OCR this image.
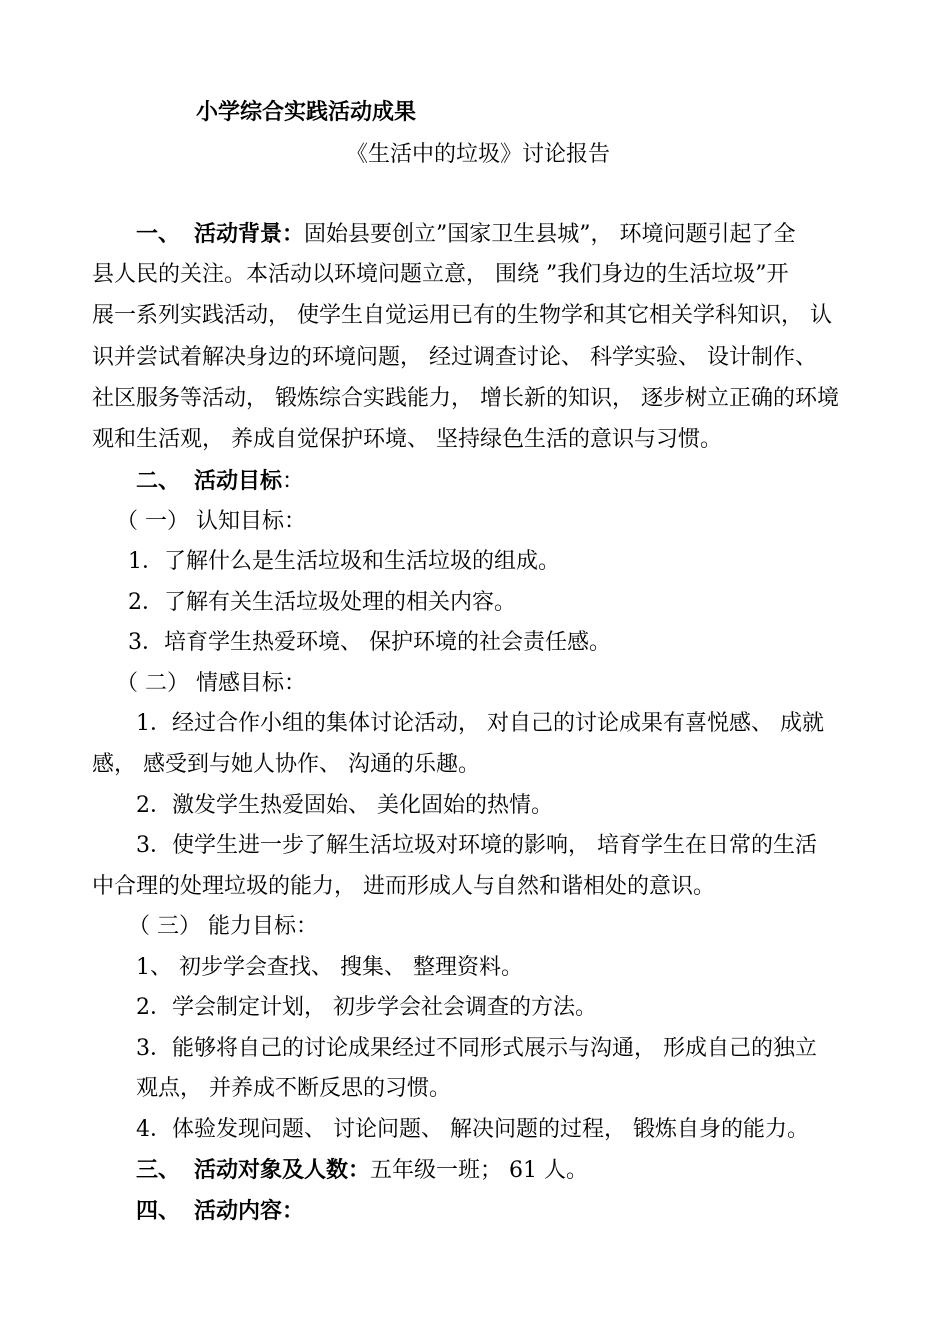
小学综合实践活动成果
《生活中的垃圾》讨论报告
一、 活动背景：固始县要创立”国家卫生县城”， 环境问题引起了全
县人民的关注。本活动以环境问题立意， 围绕 ”我们身边的生活垃圾”开
展一系列实践活动， 使学生自觉运用已有的生物学和其它相关学科知识， 认
识并尝试着解决身边的环境问题， 经过调查讨论、 科学实验、 设计制作、
社区服务等活动， 锻炼综合实践能力， 增长新的知识， 逐步树立正确的环境
观和生活观， 养成自觉保护环境、 坚持绿色生活的意识与习惯。
二、 活动目标：
（ 一） 认知目标：
1．了解什么是生活垃圾和生活垃圾的组成。
2．了解有关生活垃圾处理的相关内容。
3．培育学生热爱环境、 保护环境的社会责任感。
（ 二） 情感目标：
1．经过合作小组的集体讨论活动， 对自己的讨论成果有喜悦感、 成就
感， 感受到与她人协作、 沟通的乐趣。
2．激发学生热爱固始、 美化固始的热情。
3．使学生进一步了解生活垃圾对环境的影响， 培育学生在日常的生活
中合理的处理垃圾的能力， 进而形成人与自然和谐相处的意识。
（ 三） 能力目标：
1、 初步学会查找、 搜集、 整理资料。
2．学会制定计划， 初步学会社会调查的方法。
3．能够将自己的讨论成果经过不同形式展示与沟通， 形成自己的独立
观点， 并养成不断反思的习惯。
4．体验发现问题、 讨论问题、 解决问题的过程， 锻炼自身的能力。
三、 活动对象及人数：五年级一班； 61 人。
四、 活动内容：
